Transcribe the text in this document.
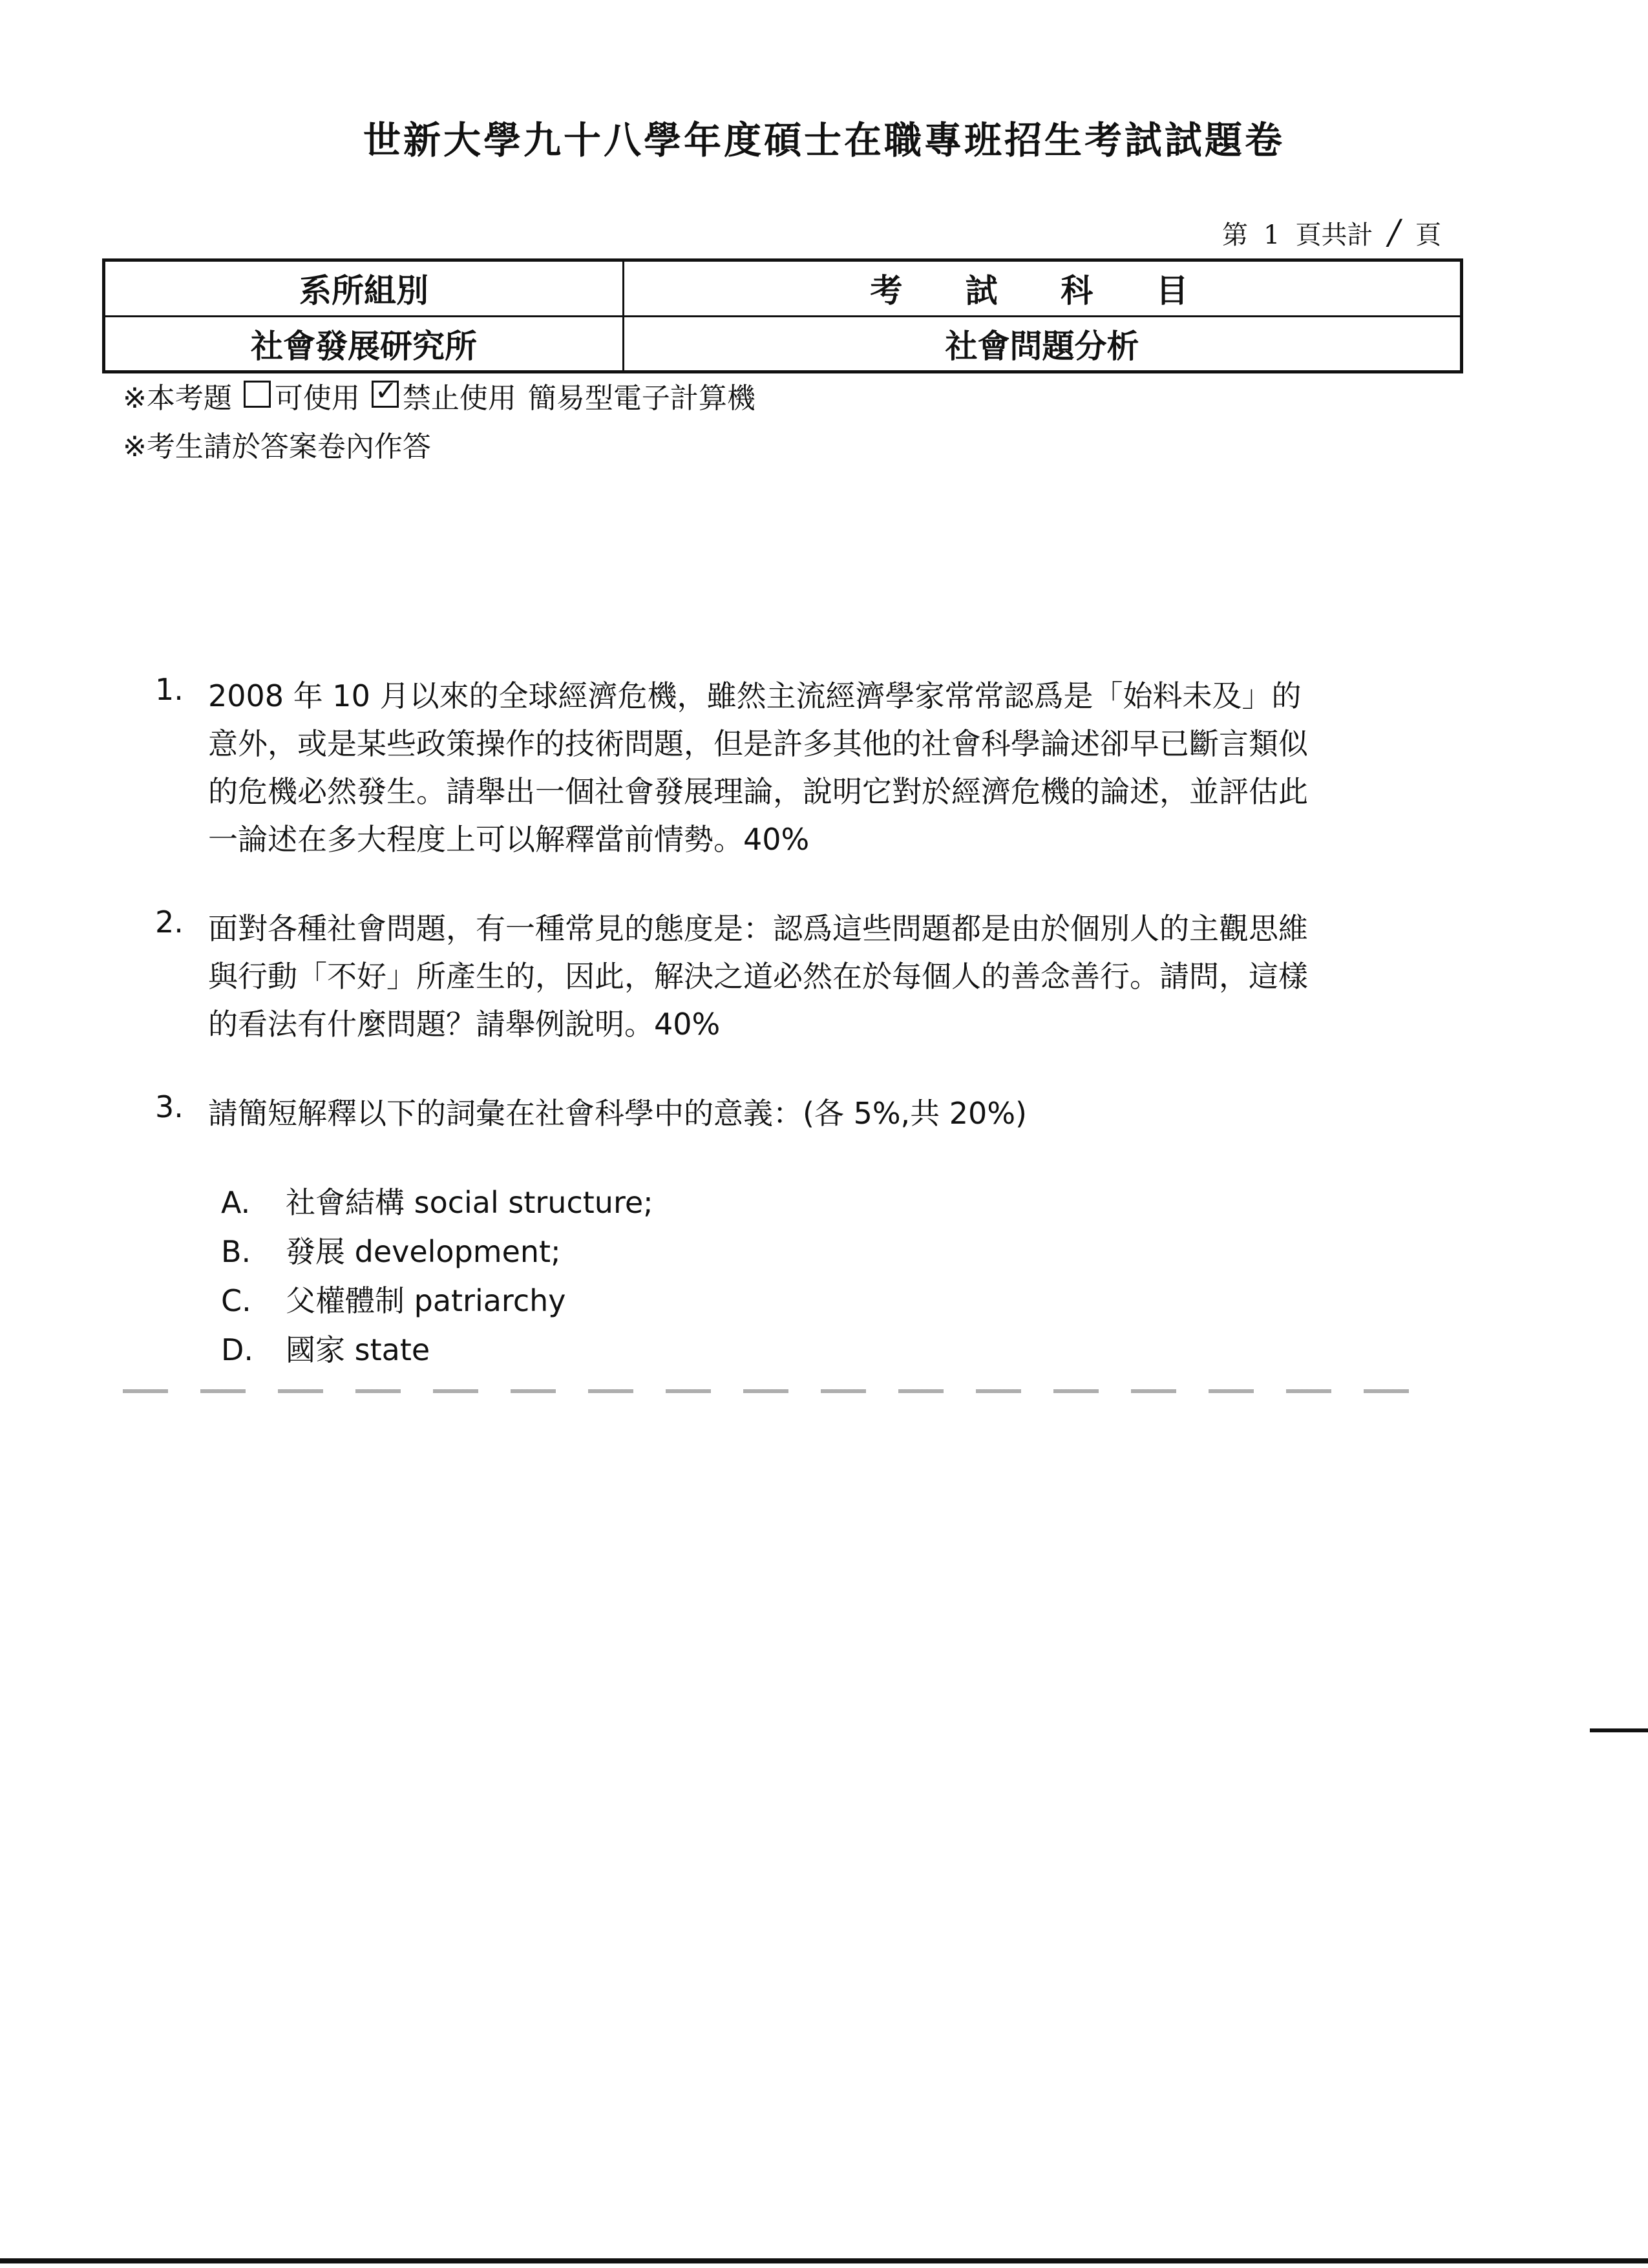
世新大學九十八學年度碩士在職專班招生考試試題卷
第 1 頁共計 / 頁
系所組別	考 試 科 目
社會發展研究所	社會問題分析
※本考題 可使用 ✓ 禁止使用 簡易型電子計算機
※考生請於答案卷內作答
1. 2008 年 10 月以來的全球經濟危機，雖然主流經濟學家常常認爲是「始料未及」的意外，或是某些政策操作的技術問題，但是許多其他的社會科學論述卻早已斷言類似的危機必然發生。請舉出一個社會發展理論，說明它對於經濟危機的論述，並評估此一論述在多大程度上可以解釋當前情勢。40%
2. 面對各種社會問題，有一種常見的態度是：認爲這些問題都是由於個別人的主觀思維與行動「不好」所產生的，因此，解決之道必然在於每個人的善念善行。請問，這樣的看法有什麼問題？請舉例說明。40%
3. 請簡短解釋以下的詞彙在社會科學中的意義：(各 5%,共 20%)
A.	社會結構 social structure;
B.	發展 development;
C.	父權體制 patriarchy
D.	國家 state
